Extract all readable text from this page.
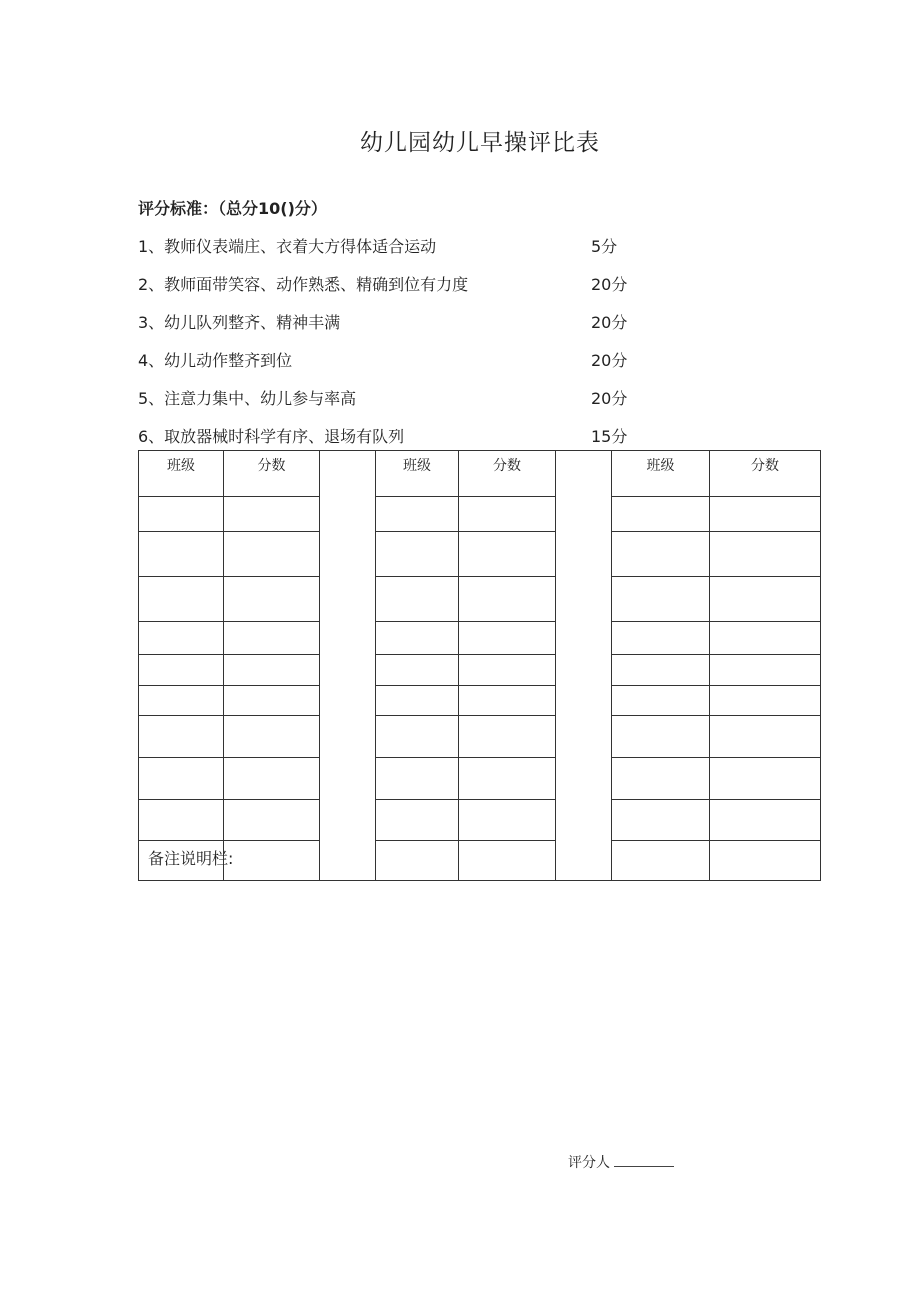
幼儿园幼儿早操评比表
评分标准：（总分10()分）
1、教师仪表端庄、衣着大方得体适合运动	5分
2、教师面带笑容、动作熟悉、精确到位有力度	20分
3、幼儿队列整齐、精神丰满	20分
4、幼儿动作整齐到位	20分
5、注意力集中、幼儿参与率高	20分
6、取放器械时科学有序、退场有队列	15分
班级	分数		班级	分数		班级	分数

备注说明栏:
评分人
